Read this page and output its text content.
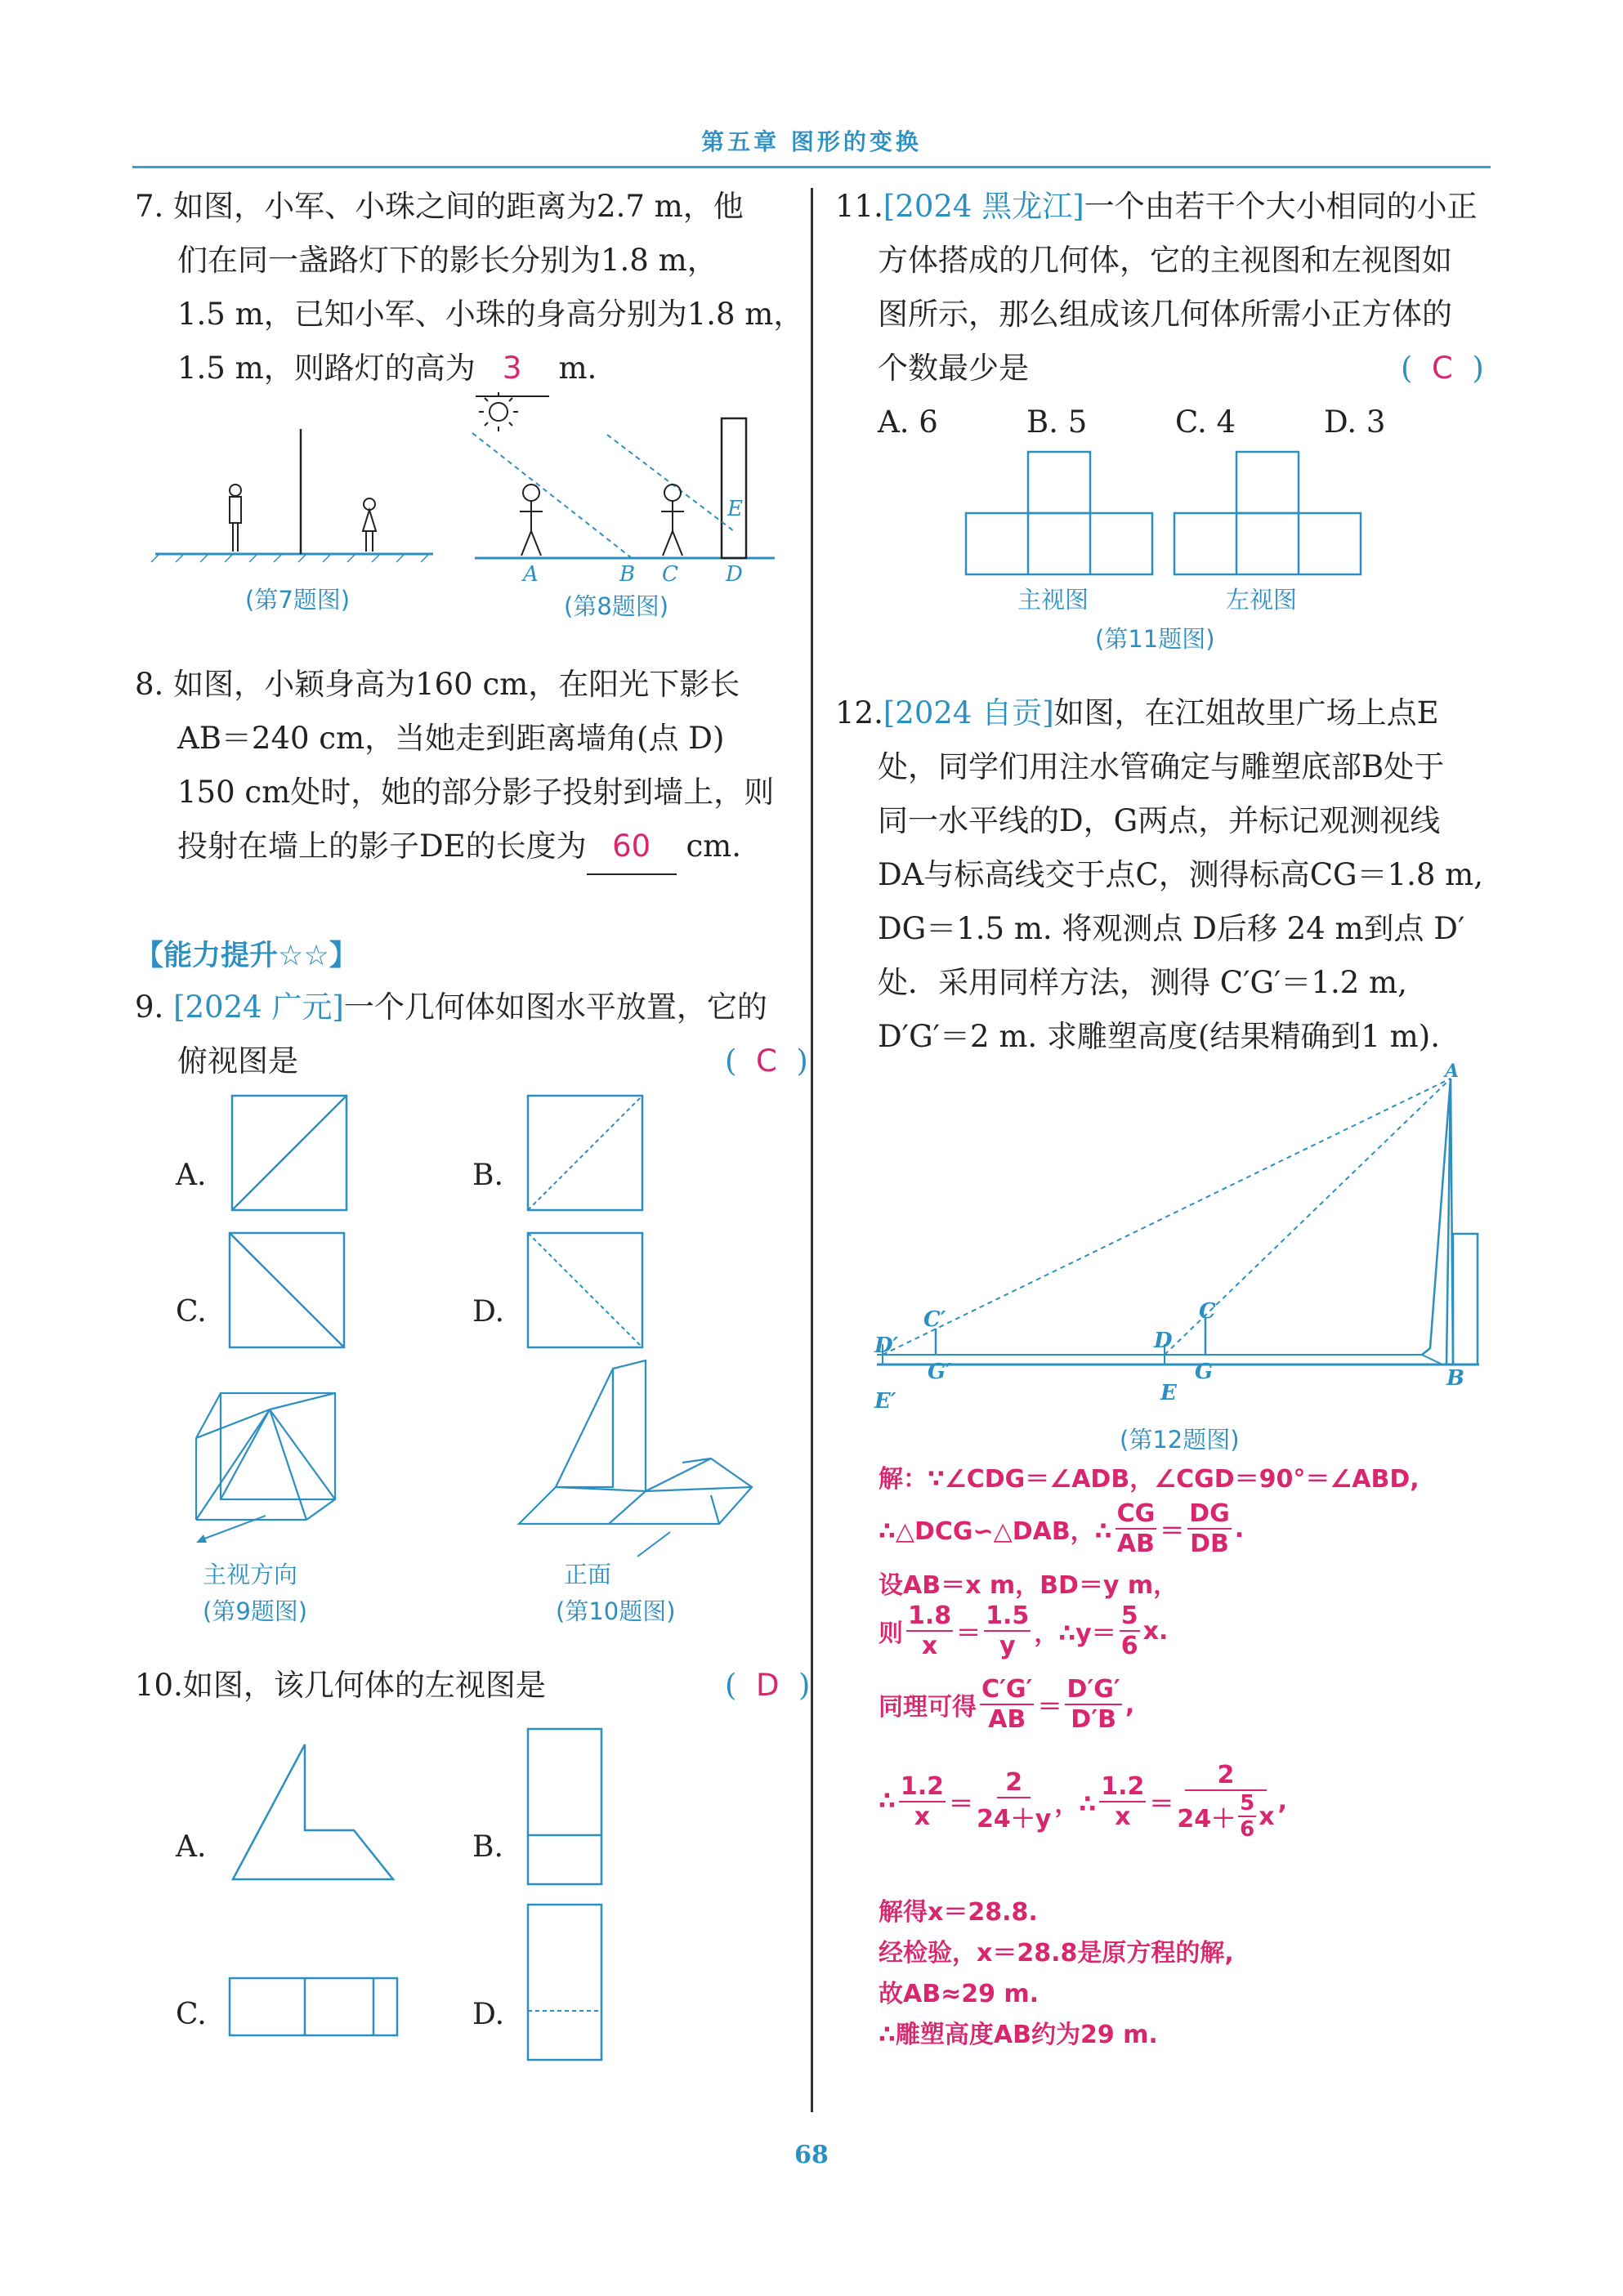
第五章 图形的变换
7. 如图，小军、小珠之间的距离为2.7 m，他
们在同一盏路灯下的影长分别为1.8 m，
1.5 m，已知小军、小珠的身高分别为1.8 m，
1.5 m，则路灯的高为 3 m.
(第7题图)
A	B C D
E
(第8题图)
8. 如图，小颖身高为160 cm，在阳光下影长
AB＝240 cm，当她走到距离墙角(点 D)
150 cm处时，她的部分影子投射到墙上，则
投射在墙上的影子DE的长度为 60 cm.
【能力提升☆☆】
9. [2024 广元]一个几何体如图水平放置，它的
俯视图是	(  C  )
A.	B.
C.	D.
主视方向
(第9题图)
正面
(第10题图)
10.如图，该几何体的左视图是	(  D  )
A.	B.
C.	D.
11.[2024 黑龙江]一个由若干个大小相同的小正
方体搭成的几何体，它的主视图和左视图如
图所示，那么组成该几何体所需小正方体的
个数最少是	(  C  )
A. 6	B. 5	C. 4	D. 3
主视图	左视图
(第11题图)
12.[2024 自贡]如图，在江姐故里广场上点E
处，同学们用注水管确定与雕塑底部B处于
同一水平线的D，G两点，并标记观测视线
DA与标高线交于点C，测得标高CG＝1.8 m,
DG＝1.5 m. 将观测点 D后移 24 m到点 D′
处．采用同样方法，测得 C′G′＝1.2 m,
D′G′＝2 m. 求雕塑高度(结果精确到1 m).
A
B
C
D
E
G
C′
D′
G′
E′
(第12题图)
解：∵∠CDG＝∠ADB，∠CGD＝90°＝∠ABD,
∴△DCG∽△DAB，∴ $\frac{CG}{AB} = \frac{DG}{DB}$ .
设AB＝x m，BD＝y m，
则 $\frac{1.8}{x} = \frac{1.5}{y}$ ，∴y＝ $\frac{5}{6} x$.
同理可得 $\frac{C'G'}{AB} = \frac{D'G'}{D'B}$ ,
∴ $\frac{1.2}{x} = \frac{2}{24+y}$ ，∴ $\frac{1.2}{x} = \frac{2}{24+ \frac{5}{6} x}$ ,
解得x＝28.8.
经检验，x＝28.8是原方程的解,
故AB≈29 m.
∴雕塑高度AB约为29 m.
68
